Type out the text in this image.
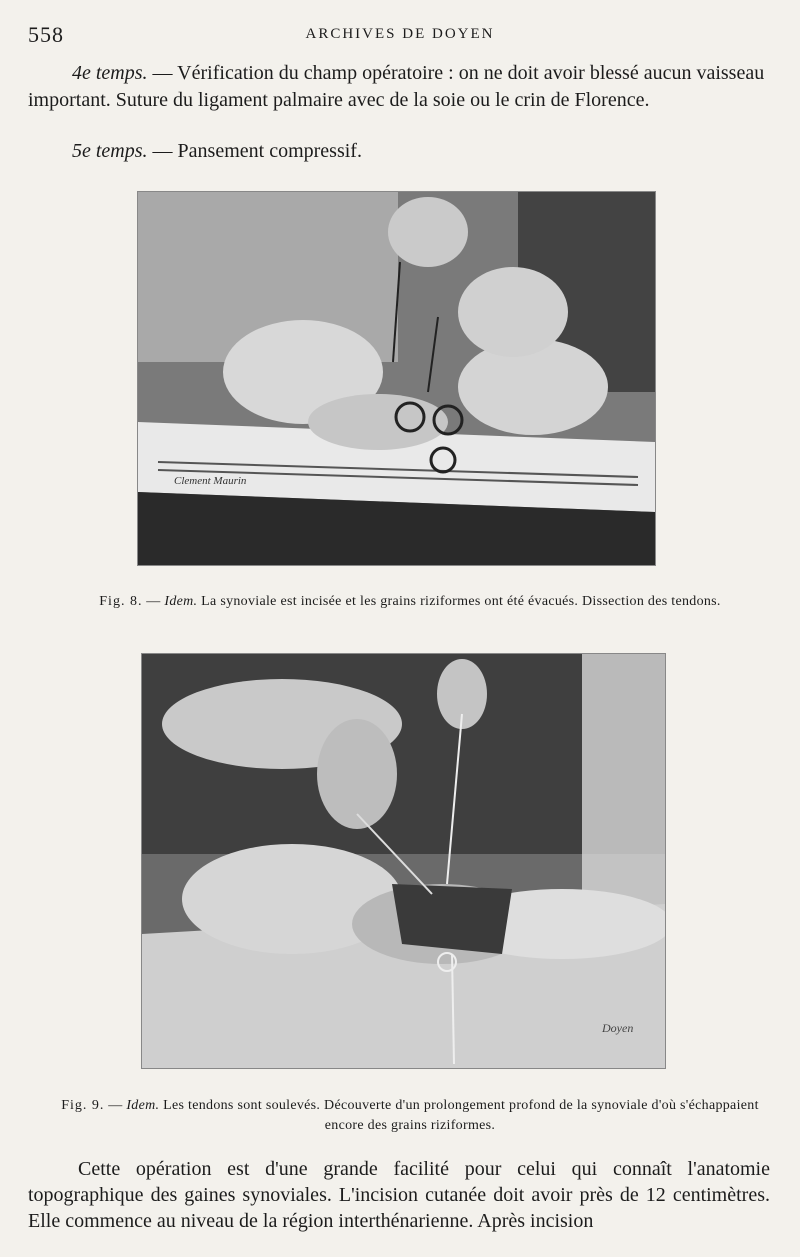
558	ARCHIVES DE DOYEN

4e temps. — Vérification du champ opératoire : on ne doit avoir blessé aucun vaisseau important. Suture du ligament palmaire avec de la soie ou le crin de Florence.

5e temps. — Pansement compressif.

Clement Maurin

Fig. 8. — Idem. La synoviale est incisée et les grains riziformes ont été évacués. Dissection des tendons.

Doyen

Fig. 9. — Idem. Les tendons sont soulevés. Découverte d'un prolongement profond de la synoviale d'où s'échappaient encore des grains riziformes.

Cette opération est d'une grande facilité pour celui qui connaît l'anatomie topographique des gaines synoviales. L'incision cutanée doit avoir près de 12 centimètres. Elle commence au niveau de la région interthénarienne. Après incision
